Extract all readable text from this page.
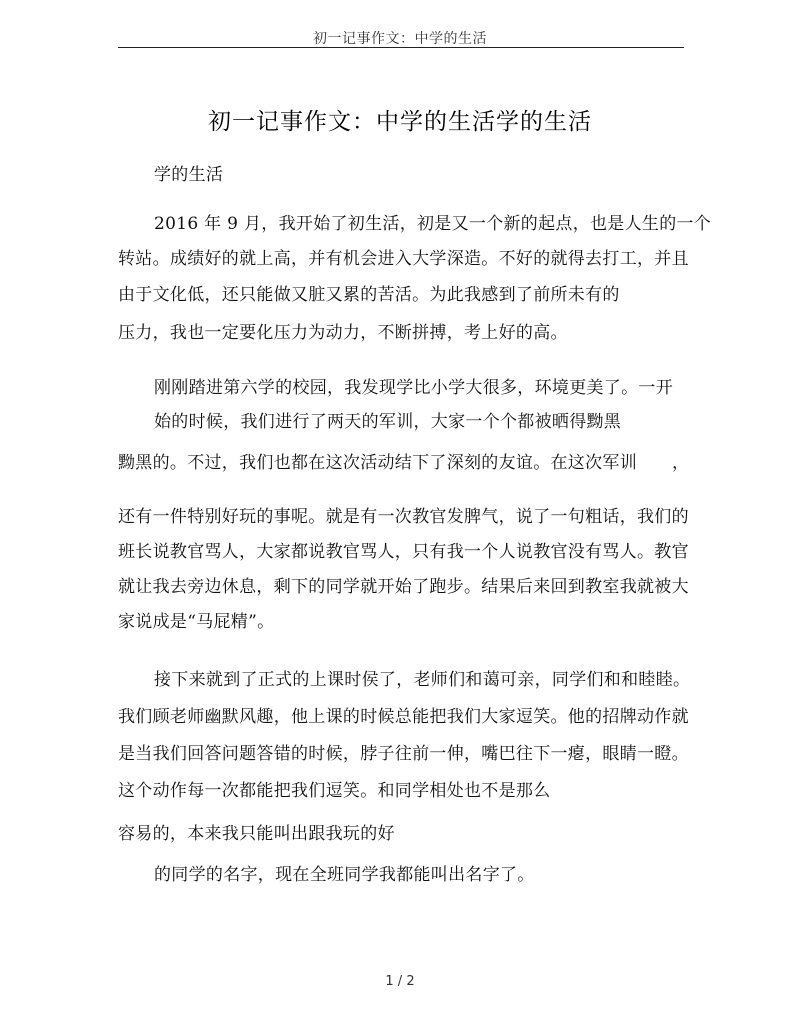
初一记事作文：中学的生活
初一记事作文：中学的生活学的生活
学的生活
2016 年 9 月，我开始了初生活，初是又一个新的起点，也是人生的一个
转站。成绩好的就上高，并有机会进入大学深造。不好的就得去打工，并且
由于文化低，还只能做又脏又累的苦活。为此我感到了前所未有的
压力，我也一定要化压力为动力，不断拼搏，考上好的高。
刚刚踏进第六学的校园，我发现学比小学大很多，环境更美了。一开
始的时候，我们进行了两天的军训，大家一个个都被晒得黝黑
黝黑的。不过，我们也都在这次活动结下了深刻的友谊。在这次军训 ，
还有一件特别好玩的事呢。就是有一次教官发脾气，说了一句粗话，我们的
班长说教官骂人，大家都说教官骂人，只有我一个人说教官没有骂人。教官
就让我去旁边休息，剩下的同学就开始了跑步。结果后来回到教室我就被大
家说成是“马屁精”。
接下来就到了正式的上课时侯了，老师们和蔼可亲，同学们和和睦睦。
我们顾老师幽默风趣，他上课的时候总能把我们大家逗笑。他的招牌动作就
是当我们回答问题答错的时候，脖子往前一伸，嘴巴往下一瘪，眼睛一瞪。
这个动作每一次都能把我们逗笑。和同学相处也不是那么
容易的，本来我只能叫出跟我玩的好
的同学的名字，现在全班同学我都能叫出名字了。
1 / 2
